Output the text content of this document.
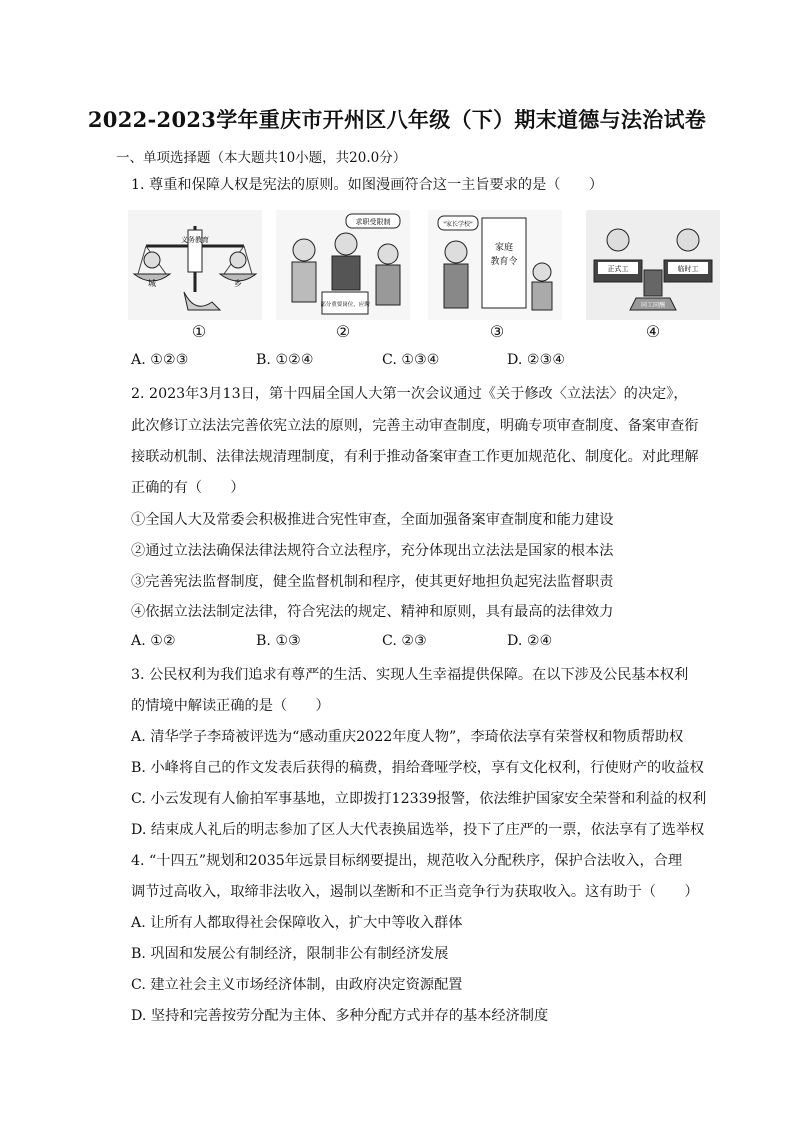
2022-2023学年重庆市开州区八年级（下）期末道德与法治试卷
一、单项选择题（本大题共10小题，共20.0分）
1. 尊重和保障人权是宪法的原则。如图漫画符合这一主旨要求的是（　　）
义务教育
城	乡
①
求职受限制
部分重要岗位，应聘
②
"家长学校"
家庭
教育令
③
正式工	临时工
同工同酬
④
A. ①②③	B. ①②④	C. ①③④	D. ②③④
2. 2023年3月13日，第十四届全国人大第一次会议通过《关于修改〈立法法〉的决定》，
此次修订立法法完善依宪立法的原则，完善主动审查制度，明确专项审查制度、备案审查衔
接联动机制、法律法规清理制度，有利于推动备案审查工作更加规范化、制度化。对此理解
正确的有（　　）
①全国人大及常委会积极推进合宪性审查，全面加强备案审查制度和能力建设
②通过立法法确保法律法规符合立法程序，充分体现出立法法是国家的根本法
③完善宪法监督制度，健全监督机制和程序，使其更好地担负起宪法监督职责
④依据立法法制定法律，符合宪法的规定、精神和原则，具有最高的法律效力
A. ①②	B. ①③	C. ②③	D. ②④
3. 公民权利为我们追求有尊严的生活、实现人生幸福提供保障。在以下涉及公民基本权利
的情境中解读正确的是（　　）
A. 清华学子李琦被评选为“感动重庆2022年度人物”，李琦依法享有荣誉权和物质帮助权
B. 小峰将自己的作文发表后获得的稿费，捐给聋哑学校，享有文化权利，行使财产的收益权
C. 小云发现有人偷拍军事基地，立即拨打12339报警，依法维护国家安全荣誉和利益的权利
D. 结束成人礼后的明志参加了区人大代表换届选举，投下了庄严的一票，依法享有了选举权
4. “十四五”规划和2035年远景目标纲要提出，规范收入分配秩序，保护合法收入，合理
调节过高收入，取缔非法收入，遏制以垄断和不正当竞争行为获取收入。这有助于（　　）
A. 让所有人都取得社会保障收入，扩大中等收入群体
B. 巩固和发展公有制经济，限制非公有制经济发展
C. 建立社会主义市场经济体制，由政府决定资源配置
D. 坚持和完善按劳分配为主体、多种分配方式并存的基本经济制度
